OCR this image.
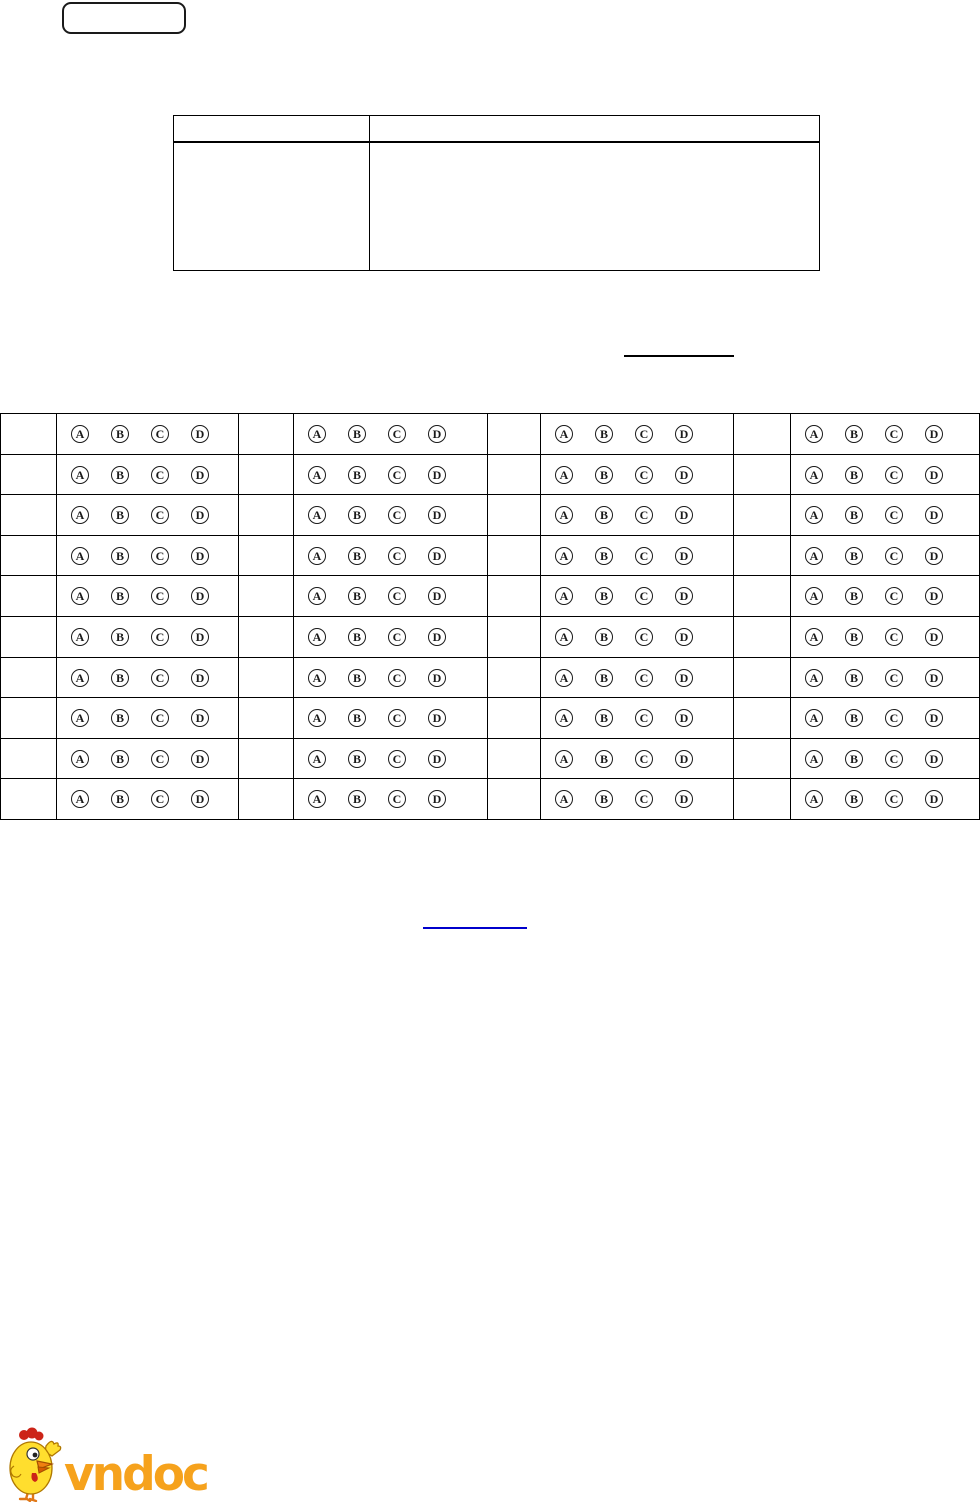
A B C D		A B C D		A B C D		A B C D

A B C D		A B C D		A B C D		A B C D

A B C D		A B C D		A B C D		A B C D

A B C D		A B C D		A B C D		A B C D

A B C D		A B C D		A B C D		A B C D

A B C D		A B C D		A B C D		A B C D

A B C D		A B C D		A B C D		A B C D

A B C D		A B C D		A B C D		A B C D

A B C D		A B C D		A B C D		A B C D

A B C D		A B C D		A B C D		A B C D
vndoc
